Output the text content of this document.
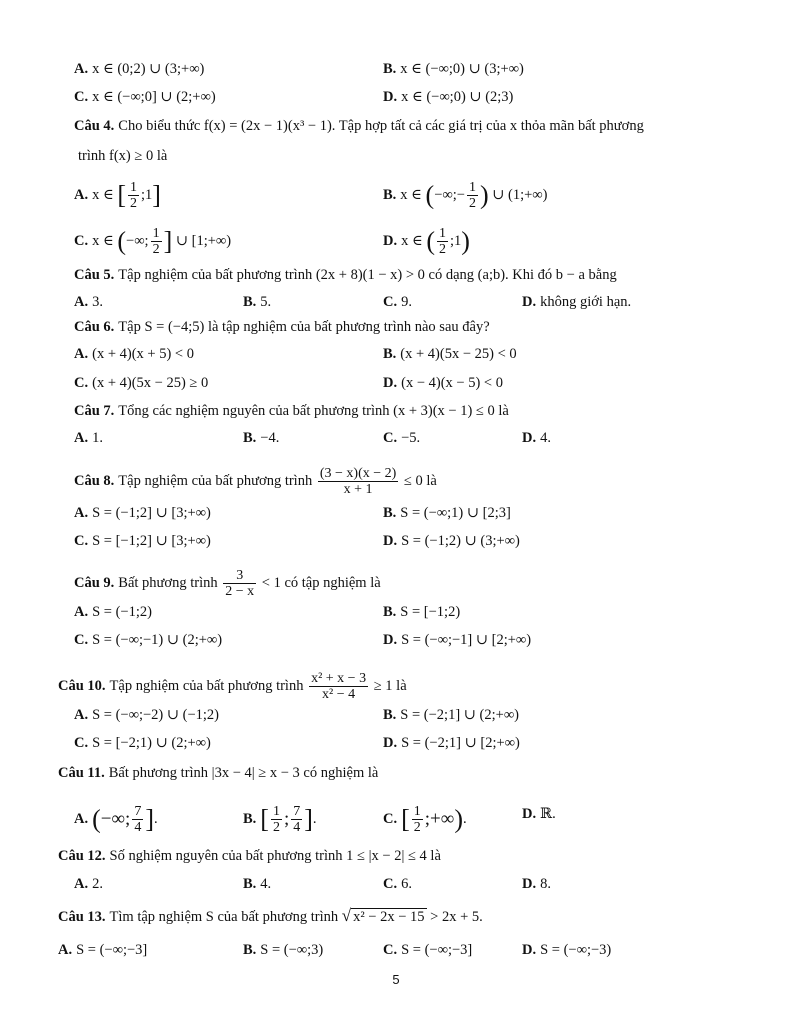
A. x ∈ (0;2) ∪ (3;+∞)	B. x ∈ (−∞;0) ∪ (3;+∞)
C. x ∈ (−∞;0] ∪ (2;+∞)	D. x ∈ (−∞;0) ∪ (2;3)
Câu 4. Cho biểu thức f(x) = (2x − 1)(x³ − 1). Tập hợp tất cả các giá trị của x thỏa mãn bất phương
trình f(x) ≥ 0 là
A. x ∈ [ $\frac{1}{2}$ ;1]	B. x ∈ (−∞;− $\frac{1}{2}$ ) ∪ (1;+∞)
C. x ∈ (−∞; $\frac{1}{2}$ ] ∪ [1;+∞)	D. x ∈ ( $\frac{1}{2}$ ;1)
Câu 5. Tập nghiệm của bất phương trình (2x + 8)(1 − x) > 0 có dạng (a;b). Khi đó b − a bằng
A. 3.	B. 5.	C. 9.	D. không giới hạn.
Câu 6. Tập S = (−4;5) là tập nghiệm của bất phương trình nào sau đây?
A. (x + 4)(x + 5) < 0	B. (x + 4)(5x − 25) < 0
C. (x + 4)(5x − 25) ≥ 0	D. (x − 4)(x − 5) < 0
Câu 7. Tổng các nghiệm nguyên của bất phương trình (x + 3)(x − 1) ≤ 0 là
A. 1.	B. −4.	C. −5.	D. 4.
Câu 8. Tập nghiệm của bất phương trình $\frac{(3 - x)(x - 2)}{x + 1} \le 0$ là
A. S = (−1;2] ∪ [3;+∞)	B. S = (−∞;1) ∪ [2;3]
C. S = [−1;2] ∪ [3;+∞)	D. S = (−1;2) ∪ (3;+∞)
Câu 9. Bất phương trình $\frac{3}{2 - x} < 1$ có tập nghiệm là
A. S = (−1;2)	B. S = [−1;2)
C. S = (−∞;−1) ∪ (2;+∞)	D. S = (−∞;−1] ∪ [2;+∞)
Câu 10. Tập nghiệm của bất phương trình $\frac{\text{x² + x − 3}}{\text{x² − 4}} \ge 1$ là
A. S = (−∞;−2) ∪ (−1;2)	B. S = (−2;1] ∪ (2;+∞)
C. S = [−2;1) ∪ (2;+∞)	D. S = (−2;1] ∪ [2;+∞)
Câu 11. Bất phương trình |3x − 4| ≥ x − 3 có nghiệm là
A. (−∞; $\frac{7}{4}$ ].	B. [ $\frac{1}{2}$ ; $\frac{7}{4}$ ].	C. [ $\frac{1}{2}$ ;+∞).	D. ℝ.
Câu 12. Số nghiệm nguyên của bất phương trình 1 ≤ |x − 2| ≤ 4 là
A. 2.	B. 4.	C. 6.	D. 8.
Câu 13. Tìm tập nghiệm S của bất phương trình √ x² − 2x − 15 > 2x + 5.
A. S = (−∞;−3]	B. S = (−∞;3)	C. S = (−∞;−3]	D. S = (−∞;−3)
5
